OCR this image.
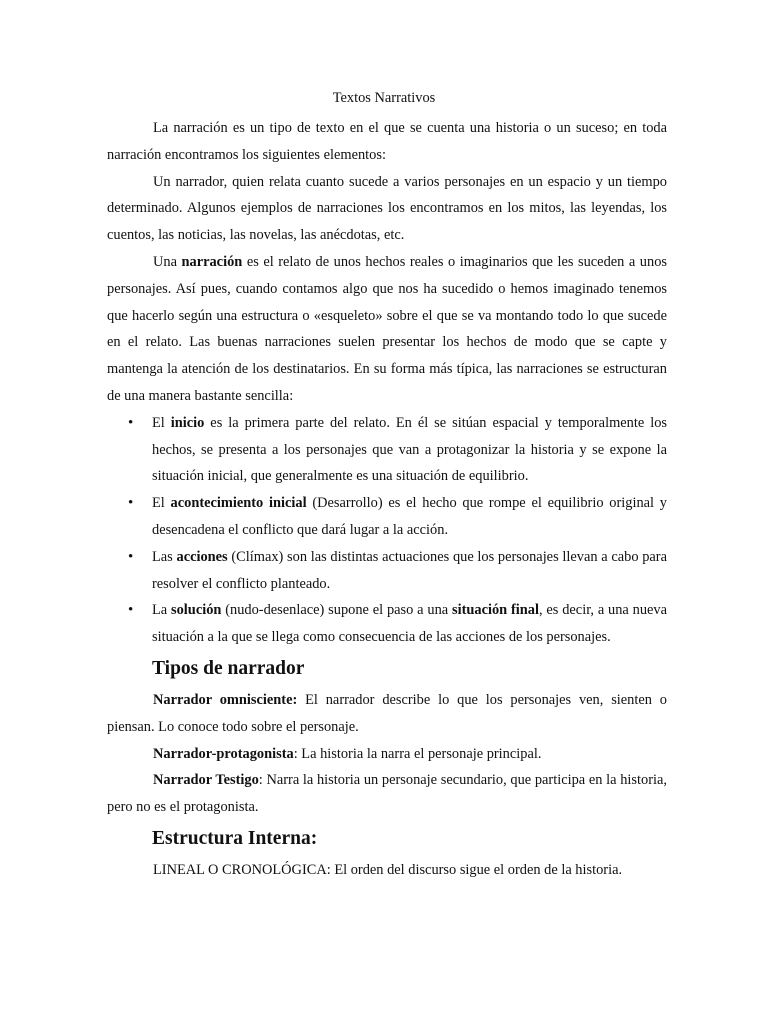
Textos Narrativos

La narración es un tipo de texto en el que se cuenta una historia o un suceso; en toda narración encontramos los siguientes elementos:

Un narrador, quien relata cuanto sucede a varios personajes en un espacio y un tiempo determinado. Algunos ejemplos de narraciones los encontramos en los mitos, las leyendas, los cuentos, las noticias, las novelas, las anécdotas, etc.

Una narración es el relato de unos hechos reales o imaginarios que les suceden a unos personajes. Así pues, cuando contamos algo que nos ha sucedido o hemos imaginado tenemos que hacerlo según una estructura o «esqueleto» sobre el que se va montando todo lo que sucede en el relato. Las buenas narraciones suelen presentar los hechos de modo que se capte y mantenga la atención de los destinatarios. En su forma más típica, las narraciones se estructuran de una manera bastante sencilla:

• El inicio es la primera parte del relato. En él se sitúan espacial y temporalmente los hechos, se presenta a los personajes que van a protagonizar la historia y se expone la situación inicial, que generalmente es una situación de equilibrio.
• El acontecimiento inicial (Desarrollo) es el hecho que rompe el equilibrio original y desencadena el conflicto que dará lugar a la acción.
• Las acciones (Clímax) son las distintas actuaciones que los personajes llevan a cabo para resolver el conflicto planteado.
• La solución (nudo-desenlace) supone el paso a una situación final, es decir, a una nueva situación a la que se llega como consecuencia de las acciones de los personajes.
Tipos de narrador

Narrador omnisciente: El narrador describe lo que los personajes ven, sienten o piensan. Lo conoce todo sobre el personaje.

Narrador-protagonista: La historia la narra el personaje principal.

Narrador Testigo: Narra la historia un personaje secundario, que participa en la historia, pero no es el protagonista.

Estructura Interna:

LINEAL O CRONOLÓGICA: El orden del discurso sigue el orden de la historia.
